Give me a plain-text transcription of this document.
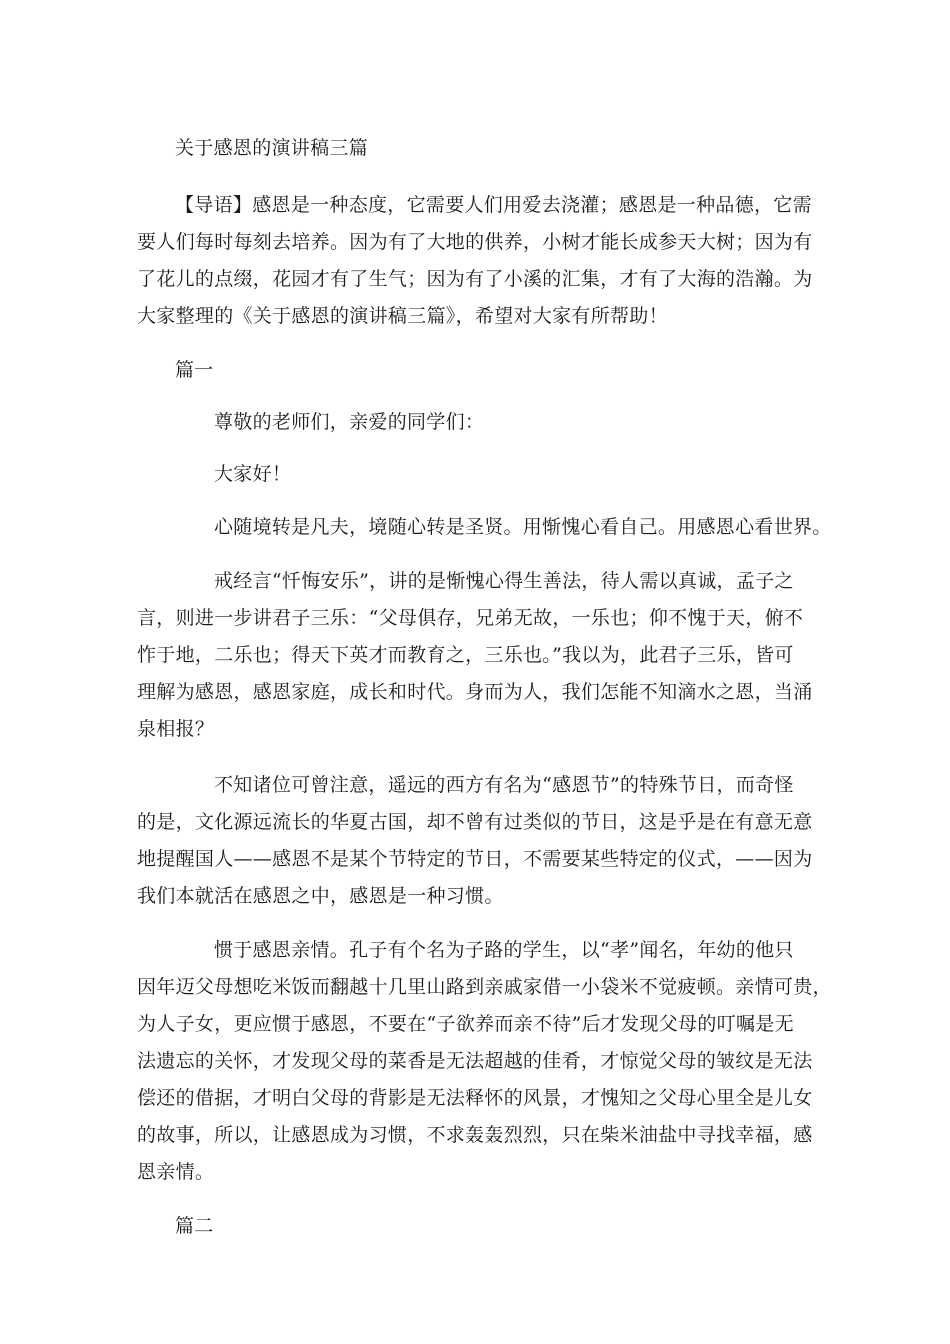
关于感恩的演讲稿三篇
【导语】感恩是一种态度，它需要人们用爱去浇灌；感恩是一种品德，它需
要人们每时每刻去培养。因为有了大地的供养，小树才能长成参天大树；因为有
了花儿的点缀，花园才有了生气；因为有了小溪的汇集，才有了大海的浩瀚。为
大家整理的《关于感恩的演讲稿三篇》，希望对大家有所帮助！
篇一
尊敬的老师们，亲爱的同学们：
大家好！
心随境转是凡夫，境随心转是圣贤。用惭愧心看自己。用感恩心看世界。
戒经言“忏悔安乐”，讲的是惭愧心得生善法，待人需以真诚，孟子之
言，则进一步讲君子三乐：“父母俱存，兄弟无故，一乐也；仰不愧于天，俯不
怍于地，二乐也；得天下英才而教育之，三乐也。”我以为，此君子三乐，皆可
理解为感恩，感恩家庭，成长和时代。身而为人，我们怎能不知滴水之恩，当涌
泉相报？
不知诸位可曾注意，遥远的西方有名为“感恩节”的特殊节日，而奇怪
的是，文化源远流长的华夏古国，却不曾有过类似的节日，这是乎是在有意无意
地提醒国人——感恩不是某个节特定的节日，不需要某些特定的仪式，——因为
我们本就活在感恩之中，感恩是一种习惯。
惯于感恩亲情。孔子有个名为子路的学生，以“孝”闻名，年幼的他只
因年迈父母想吃米饭而翻越十几里山路到亲戚家借一小袋米不觉疲顿。亲情可贵，
为人子女，更应惯于感恩，不要在“子欲养而亲不待”后才发现父母的叮嘱是无
法遗忘的关怀，才发现父母的菜香是无法超越的佳肴，才惊觉父母的皱纹是无法
偿还的借据，才明白父母的背影是无法释怀的风景，才愧知之父母心里全是儿女
的故事，所以，让感恩成为习惯，不求轰轰烈烈，只在柴米油盐中寻找幸福，感
恩亲情。
篇二
